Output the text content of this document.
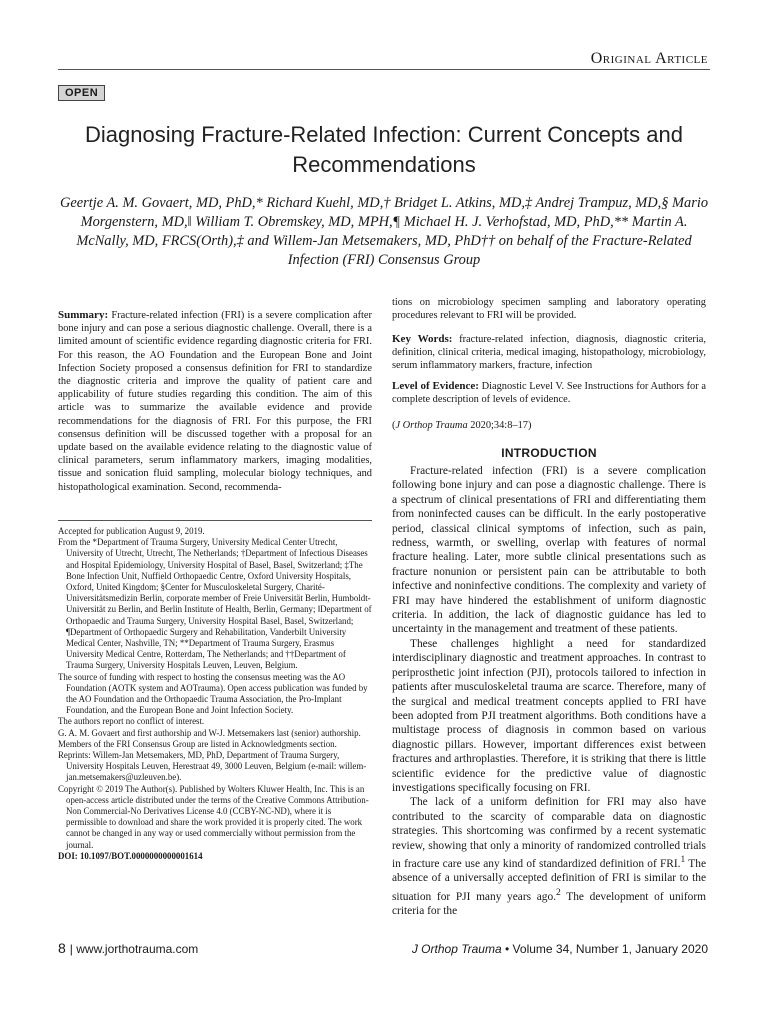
Original Article
OPEN
Diagnosing Fracture-Related Infection: Current Concepts and Recommendations
Geertje A. M. Govaert, MD, PhD,* Richard Kuehl, MD,† Bridget L. Atkins, MD,‡ Andrej Trampuz, MD,§ Mario Morgenstern, MD,‖ William T. Obremskey, MD, MPH,¶ Michael H. J. Verhofstad, MD, PhD,** Martin A. McNally, MD, FRCS(Orth),‡ and Willem-Jan Metsemakers, MD, PhD†† on behalf of the Fracture-Related Infection (FRI) Consensus Group
Summary: Fracture-related infection (FRI) is a severe complication after bone injury and can pose a serious diagnostic challenge. Overall, there is a limited amount of scientific evidence regarding diagnostic criteria for FRI. For this reason, the AO Foundation and the European Bone and Joint Infection Society proposed a consensus definition for FRI to standardize the diagnostic criteria and improve the quality of patient care and applicability of future studies regarding this condition. The aim of this article was to summarize the available evidence and provide recommendations for the diagnosis of FRI. For this purpose, the FRI consensus definition will be discussed together with a proposal for an update based on the available evidence relating to the diagnostic value of clinical parameters, serum inflammatory markers, imaging modalities, tissue and sonication fluid sampling, molecular biology techniques, and histopathological examination. Second, recommenda-
Accepted for publication August 9, 2019.
From the *Department of Trauma Surgery, University Medical Center Utrecht, University of Utrecht, Utrecht, The Netherlands; †Department of Infectious Diseases and Hospital Epidemiology, University Hospital of Basel, Basel, Switzerland; ‡The Bone Infection Unit, Nuffield Orthopaedic Centre, Oxford University Hospitals, Oxford, United Kingdom; §Center for Musculoskeletal Surgery, Charité-Universitätsmedizin Berlin, corporate member of Freie Universität Berlin, Humboldt-Universität zu Berlin, and Berlin Institute of Health, Berlin, Germany; ‖Department of Orthopaedic and Trauma Surgery, University Hospital Basel, Basel, Switzerland; ¶Department of Orthopaedic Surgery and Rehabilitation, Vanderbilt University Medical Center, Nashville, TN; **Department of Trauma Surgery, Erasmus University Medical Centre, Rotterdam, The Netherlands; and ††Department of Trauma Surgery, University Hospitals Leuven, Leuven, Belgium.
The source of funding with respect to hosting the consensus meeting was the AO Foundation (AOTK system and AOTrauma). Open access publication was funded by the AO Foundation and the Orthopaedic Trauma Association, the Pro-Implant Foundation, and the European Bone and Joint Infection Society.
The authors report no conflict of interest.
G. A. M. Govaert and first authorship and W-J. Metsemakers last (senior) authorship.
Members of the FRI Consensus Group are listed in Acknowledgments section.
Reprints: Willem-Jan Metsemakers, MD, PhD, Department of Trauma Surgery, University Hospitals Leuven, Herestraat 49, 3000 Leuven, Belgium (e-mail: willem-jan.metsemakers@uzleuven.be).
Copyright © 2019 The Author(s). Published by Wolters Kluwer Health, Inc. This is an open-access article distributed under the terms of the Creative Commons Attribution-Non Commercial-No Derivatives License 4.0 (CCBY-NC-ND), where it is permissible to download and share the work provided it is properly cited. The work cannot be changed in any way or used commercially without permission from the journal.
DOI: 10.1097/BOT.0000000000001614
tions on microbiology specimen sampling and laboratory operating procedures relevant to FRI will be provided.
Key Words: fracture-related infection, diagnosis, diagnostic criteria, definition, clinical criteria, medical imaging, histopathology, microbiology, serum inflammatory markers, fracture, infection
Level of Evidence: Diagnostic Level V. See Instructions for Authors for a complete description of levels of evidence.
(J Orthop Trauma 2020;34:8–17)
INTRODUCTION

Fracture-related infection (FRI) is a severe complication following bone injury and can pose a diagnostic challenge. There is a spectrum of clinical presentations of FRI and differentiating them from noninfected causes can be difficult. In the early postoperative period, classical clinical symptoms of infection, such as pain, redness, warmth, or swelling, overlap with features of normal fracture healing. Later, more subtle clinical presentations such as fracture nonunion or persistent pain can be attributable to both infective and noninfective conditions. The complexity and variety of FRI may have hindered the establishment of uniform diagnostic criteria. In addition, the lack of diagnostic guidance has led to uncertainty in the management and treatment of these patients.

These challenges highlight a need for standardized interdisciplinary diagnostic and treatment approaches. In contrast to periprosthetic joint infection (PJI), protocols tailored to infection in patients after musculoskeletal trauma are scarce. Therefore, many of the surgical and medical treatment concepts applied to FRI have been adopted from PJI treatment algorithms. Both conditions have a multistage process of diagnosis in common based on various diagnostic pillars. However, important differences exist between fractures and arthroplasties. Therefore, it is striking that there is little scientific evidence for the predictive value of diagnostic investigations specifically focusing on FRI.

The lack of a uniform definition for FRI may also have contributed to the scarcity of comparable data on diagnostic strategies. This shortcoming was confirmed by a recent systematic review, showing that only a minority of randomized controlled trials in fracture care use any kind of standardized definition of FRI.$^1$ The absence of a universally accepted definition of FRI is similar to the situation for PJI many years ago.$^2$ The development of uniform criteria for the

8 | www.jorthotrauma.com	J Orthop Trauma • Volume 34, Number 1, January 2020
